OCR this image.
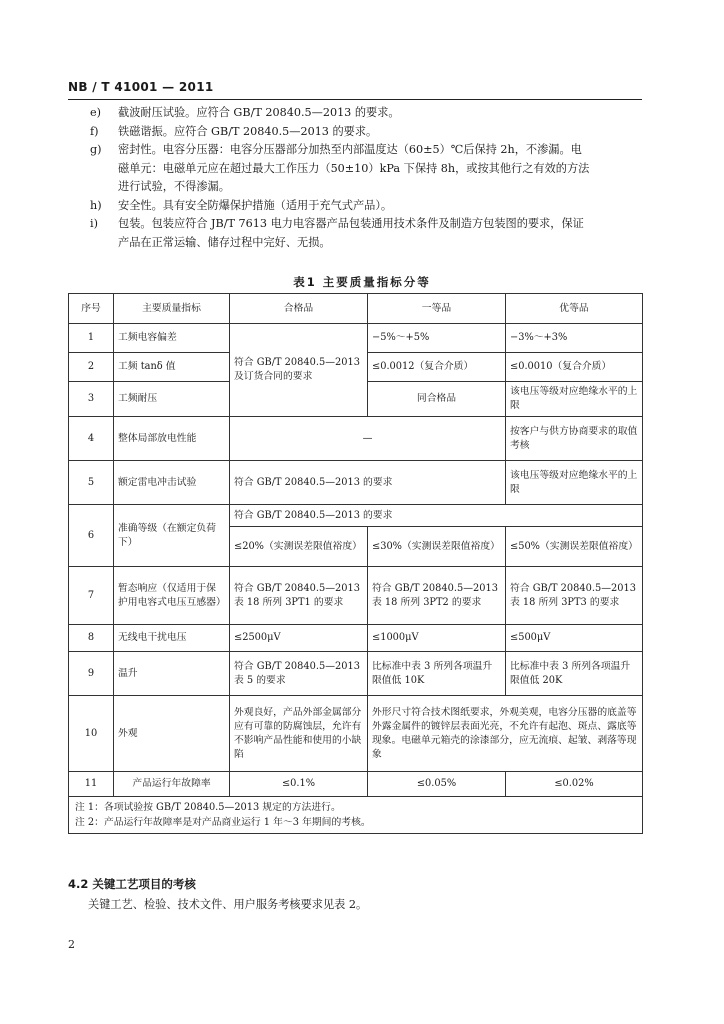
NB / T 41001 — 2011
e)	截波耐压试验。应符合 GB/T 20840.5—2013 的要求。
f)	铁磁谐振。应符合 GB/T 20840.5—2013 的要求。
g)	密封性。电容分压器：电容分压器部分加热至内部温度达（60±5）℃后保持 2h，不渗漏。电
磁单元：电磁单元应在超过最大工作压力（50±10）kPa 下保持 8h，或按其他行之有效的方法
进行试验，不得渗漏。
h)	安全性。具有安全防爆保护措施（适用于充气式产品）。
i)	包装。包装应符合 JB/T 7613 电力电容器产品包装通用技术条件及制造方包装图的要求，保证
产品在正常运输、储存过程中完好、无损。
表1 主要质量指标分等
序号	主要质量指标	合格品	一等品	优等品
1	工频电容偏差	符合 GB/T 20840.5—2013 及订货合同的要求	−5%～+5%	−3%～+3%
2	工频 tanδ 值		≤0.0012（复合介质）	≤0.0010（复合介质）
3	工频耐压		同合格品	该电压等级对应绝缘水平的上限
4	整体局部放电性能	—		按客户与供方协商要求的取值考核
5	额定雷电冲击试验	符合 GB/T 20840.5—2013 的要求		该电压等级对应绝缘水平的上限
6	准确等级（在额定负荷下）	符合 GB/T 20840.5—2013 的要求		
		≤20%（实测误差限值裕度）	≤30%（实测误差限值裕度）	≤50%（实测误差限值裕度）
7	暂态响应（仅适用于保护用电容式电压互感器）	符合 GB/T 20840.5—2013 表 18 所列 3PT1 的要求	符合 GB/T 20840.5—2013 表 18 所列 3PT2 的要求	符合 GB/T 20840.5—2013 表 18 所列 3PT3 的要求
8	无线电干扰电压	≤2500μV	≤1000μV	≤500μV
9	温升	符合 GB/T 20840.5—2013 表 5 的要求	比标准中表 3 所列各项温升限值低 10K	比标准中表 3 所列各项温升限值低 20K
10	外观	外观良好，产品外部金属部分应有可靠的防腐蚀层，允许有不影响产品性能和使用的小缺陷	外形尺寸符合技术图纸要求，外观美观，电容分压器的底盖等外露金属件的镀锌层表面光亮，不允许有起泡、斑点、露底等现象。电磁单元箱壳的涂漆部分，应无流痕、起皱、剥落等现象	
11	产品运行年故障率	≤0.1%	≤0.05%	≤0.02%

注 1：各项试验按 GB/T 20840.5—2013 规定的方法进行。
注 2：产品运行年故障率是对产品商业运行 1 年～3 年期间的考核。				
4.2 关键工艺项目的考核
关键工艺、检验、技术文件、用户服务考核要求见表 2。
2
